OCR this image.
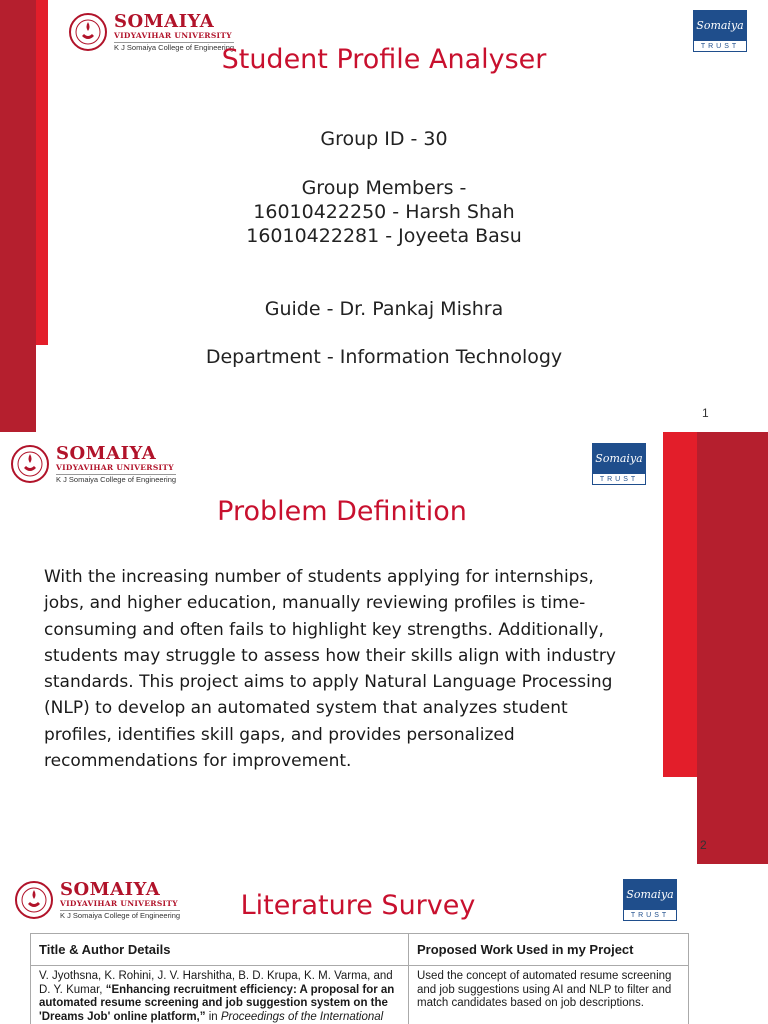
SOMAIYA
VIDYAVIHAR UNIVERSITY
K J Somaiya College of Engineering
Somaiya
TRUST
Student Profile Analyser
Group ID - 30
Group Members -
16010422250 - Harsh Shah
16010422281 - Joyeeta Basu
Guide - Dr. Pankaj Mishra
Department - Information Technology
1
SOMAIYA
VIDYAVIHAR UNIVERSITY
K J Somaiya College of Engineering
Somaiya
TRUST
Problem Definition
With the increasing number of students applying for internships, jobs, and higher education, manually reviewing profiles is time-consuming and often fails to highlight key strengths. Additionally, students may struggle to assess how their skills align with industry standards. This project aims to apply Natural Language Processing (NLP) to develop an automated system that analyzes student profiles, identifies skill gaps, and provides personalized recommendations for improvement.
2
SOMAIYA
VIDYAVIHAR UNIVERSITY
K J Somaiya College of Engineering
Somaiya
TRUST
Literature Survey
Title & Author Details	Proposed Work Used in my Project
V. Jyothsna, K. Rohini, J. V. Harshitha, B. D. Krupa, K. M. Varma, and D. Y. Kumar, “Enhancing recruitment efficiency: A proposal for an automated resume screening and job suggestion system on the 'Dreams Job' online platform,” in Proceedings of the International	Used the concept of automated resume screening and job suggestions using AI and NLP to filter and match candidates based on job descriptions.
